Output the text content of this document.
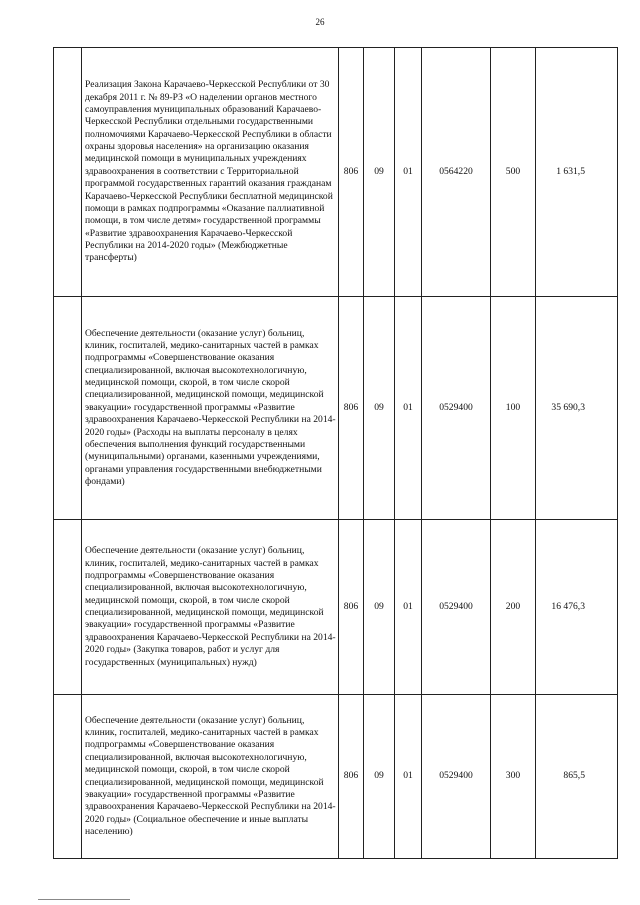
26
	Реализация Закона Карачаево-Черкесской Республики от 30 декабря 2011 г. № 89-РЗ «О наделении органов местного самоуправления муниципальных образований Карачаево-Черкесской Республики отдельными государственными полномочиями Карачаево-Черкесской Республики в области охраны здоровья населения» на организацию оказания медицинской помощи в муниципальных учреждениях здравоохранения в соответствии с Территориальной программой государственных гарантий оказания гражданам Карачаево-Черкесской Республики бесплатной медицинской помощи в рамках подпрограммы «Оказание паллиативной помощи, в том числе детям» государственной программы «Развитие здравоохранения Карачаево-Черкесской Республики на 2014-2020 годы» (Межбюджетные трансферты)	806	09	01	0564220	500	1 631,5
	Обеспечение деятельности (оказание услуг) больниц, клиник, госпиталей, медико-санитарных частей в рамках подпрограммы «Совершенствование оказания специализированной, включая высокотехнологичную, медицинской помощи, скорой, в том числе скорой специализированной, медицинской помощи, медицинской эвакуации» государственной программы «Развитие здравоохранения Карачаево-Черкесской Республики на 2014-2020 годы» (Расходы на выплаты персоналу в целях обеспечения выполнения функций государственными (муниципальными) органами, казенными учреждениями, органами управления государственными внебюджетными фондами)	806	09	01	0529400	100	35 690,3
	Обеспечение деятельности (оказание услуг) больниц, клиник, госпиталей, медико-санитарных частей в рамках подпрограммы «Совершенствование оказания специализированной, включая высокотехнологичную, медицинской помощи, скорой, в том числе скорой специализированной, медицинской помощи, медицинской эвакуации» государственной программы «Развитие здравоохранения Карачаево-Черкесской Республики на 2014-2020 годы» (Закупка товаров, работ и услуг для государственных (муниципальных) нужд)	806	09	01	0529400	200	16 476,3
	Обеспечение деятельности (оказание услуг) больниц, клиник, госпиталей, медико-санитарных частей в рамках подпрограммы «Совершенствование оказания специализированной, включая высокотехнологичную, медицинской помощи, скорой, в том числе скорой специализированной, медицинской помощи, медицинской эвакуации» государственной программы «Развитие здравоохранения Карачаево-Черкесской Республики на 2014-2020 годы» (Социальное обеспечение и иные выплаты населению)	806	09	01	0529400	300	865,5
